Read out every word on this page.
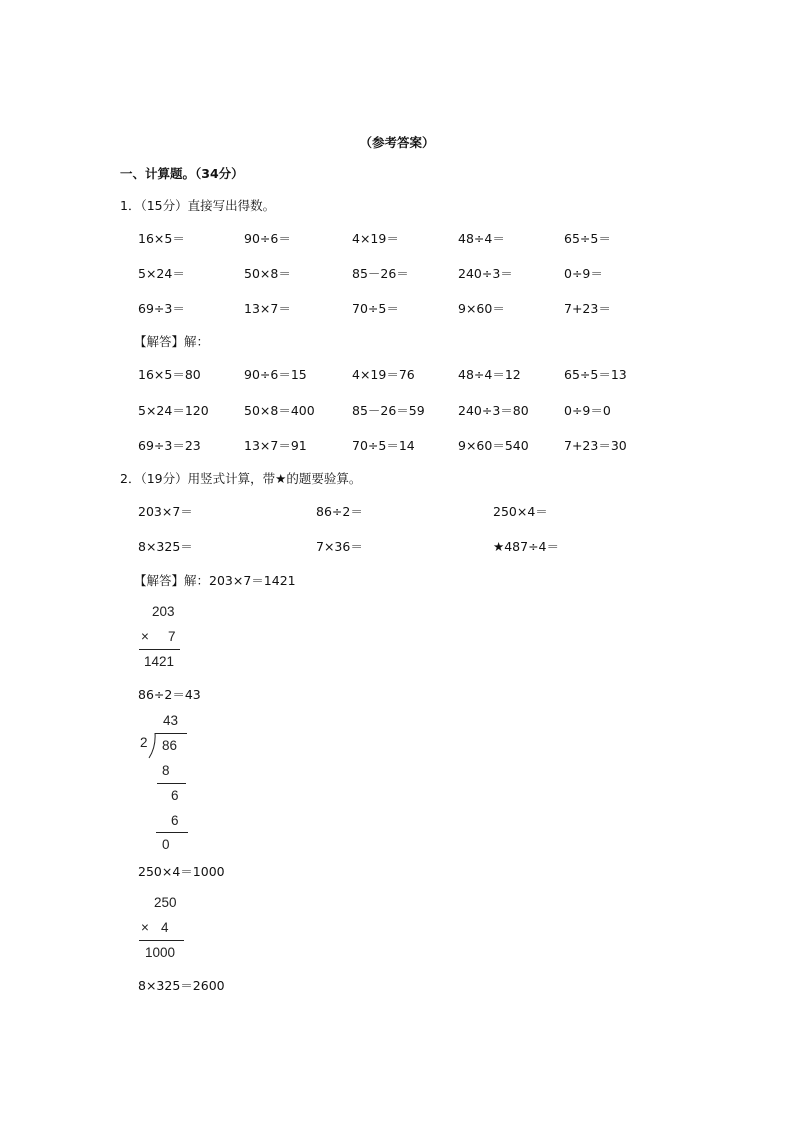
（参考答案）
一、计算题。（34分）
1．（15分）直接写出得数。
16×5＝	90÷6＝	4×19＝	48÷4＝	65÷5＝
5×24＝	50×8＝	85－26＝	240÷3＝	0÷9＝
69÷3＝	13×7＝	70÷5＝	9×60＝	7+23＝
【解答】解：
16×5＝80	90÷6＝15	4×19＝76	48÷4＝12	65÷5＝13
5×24＝120	50×8＝400	85－26＝59	240÷3＝80	0÷9＝0
69÷3＝23	13×7＝91	70÷5＝14	9×60＝540	7+23＝30
2．（19分）用竖式计算，带★的题要验算。
203×7＝	86÷2＝	250×4＝
8×325＝	7×36＝	★487÷4＝
【解答】解：203×7＝1421
203
× 7
1421
86÷2＝43
43
2 86
8
6
6
0
250×4＝1000
250
× 4
1000
8×325＝2600
